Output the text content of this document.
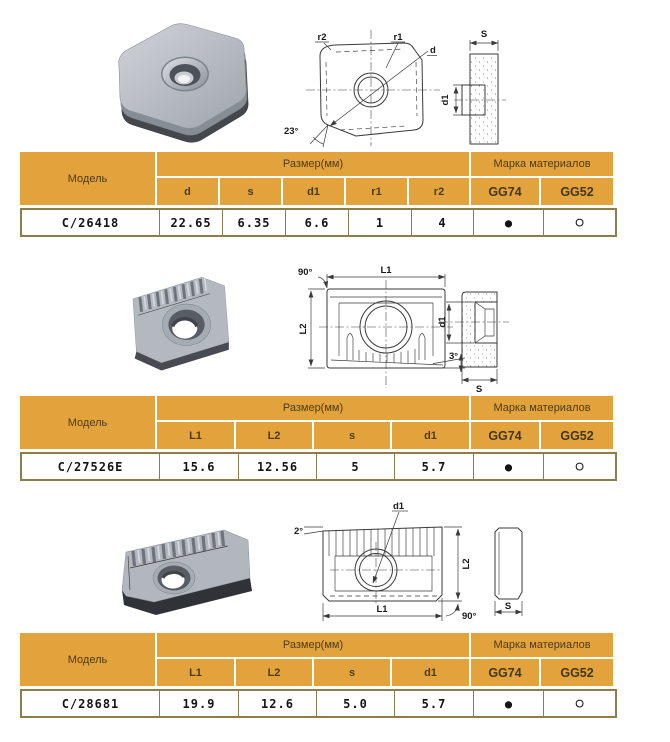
d
r2	r1
23°
S
d1
Модель	Размер(мм)					Марка материалов	
	d	s	d1	r1	r2	GG74	GG52
C/26418	22.65	6.35	6.6	1	4	●	○
L1
90°
L2
3°
d1
S
Модель	Размер(мм)				Марка материалов	
	L1	L2	s	d1	GG74	GG52
C/27526E	15.6	12.56	5	5.7	●	○
2°
d1
L2
L1
90°
S
Модель	Размер(мм)				Марка материалов	
	L1	L2	s	d1	GG74	GG52
C/28681	19.9	12.6	5.0	5.7	●	○
